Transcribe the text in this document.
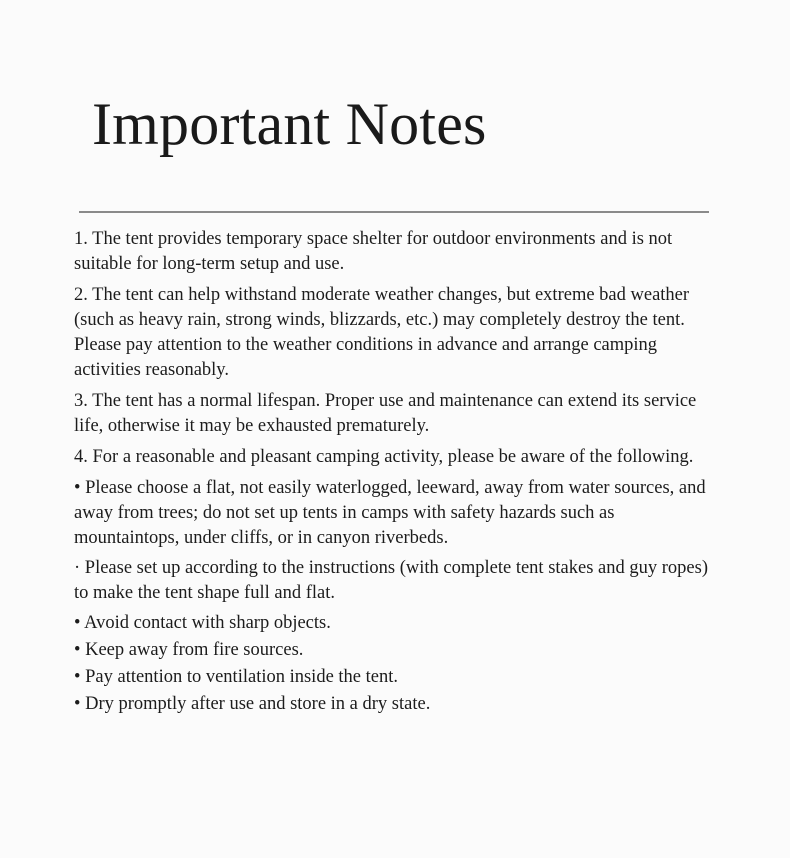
Important Notes

1. The tent provides temporary space shelter for outdoor environments and is not suitable for long-term setup and use.

2. The tent can help withstand moderate weather changes, but extreme bad weather (such as heavy rain, strong winds, blizzards, etc.) may completely destroy the tent. Please pay attention to the weather conditions in advance and arrange camping activities reasonably.

3. The tent has a normal lifespan. Proper use and maintenance can extend its service life, otherwise it may be exhausted prematurely.

4. For a reasonable and pleasant camping activity, please be aware of the following.

• Please choose a flat, not easily waterlogged, leeward, away from water sources, and away from trees; do not set up tents in camps with safety hazards such as mountaintops, under cliffs, or in canyon riverbeds.
· Please set up according to the instructions (with complete tent stakes and guy ropes) to make the tent shape full and flat.
• Avoid contact with sharp objects.
• Keep away from fire sources.
• Pay attention to ventilation inside the tent.
• Dry promptly after use and store in a dry state.
